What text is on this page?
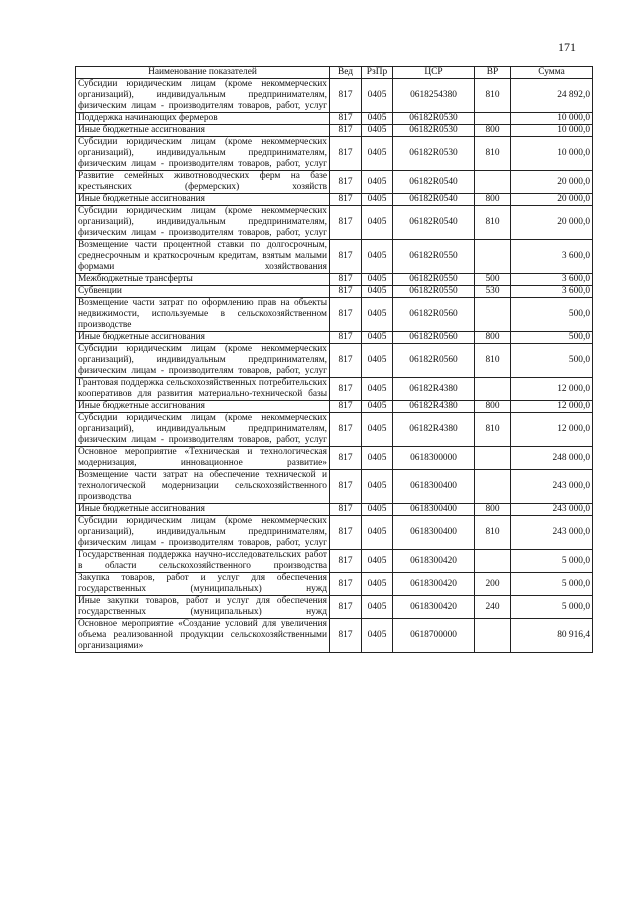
171
Наименование показателей	Вед	РзПр	ЦСР	ВР	Сумма
Субсидии юридическим лицам (кроме некоммерческих организаций), индивидуальным предпринимателям, физическим лицам - производителям товаров, работ, услуг	817	0405	0618254380	810	24 892,0
Поддержка начинающих фермеров	817	0405	06182R0530		10 000,0
Иные бюджетные ассигнования	817	0405	06182R0530	800	10 000,0
Субсидии юридическим лицам (кроме некоммерческих организаций), индивидуальным предпринимателям, физическим лицам - производителям товаров, работ, услуг	817	0405	06182R0530	810	10 000,0
Развитие семейных животноводческих ферм на базе крестьянских (фермерских) хозяйств	817	0405	06182R0540		20 000,0
Иные бюджетные ассигнования	817	0405	06182R0540	800	20 000,0
Субсидии юридическим лицам (кроме некоммерческих организаций), индивидуальным предпринимателям, физическим лицам - производителям товаров, работ, услуг	817	0405	06182R0540	810	20 000,0
Возмещение части процентной ставки по долгосрочным, среднесрочным и краткосрочным кредитам, взятым малыми формами хозяйствования	817	0405	06182R0550		3 600,0
Межбюджетные трансферты	817	0405	06182R0550	500	3 600,0
Субвенции	817	0405	06182R0550	530	3 600,0
Возмещение части затрат по оформлению прав на объекты недвижимости, используемые в сельскохозяйственном производстве	817	0405	06182R0560		500,0
Иные бюджетные ассигнования	817	0405	06182R0560	800	500,0
Субсидии юридическим лицам (кроме некоммерческих организаций), индивидуальным предпринимателям, физическим лицам - производителям товаров, работ, услуг	817	0405	06182R0560	810	500,0
Грантовая поддержка сельскохозяйственных потребительских кооперативов для развития материально-технической базы	817	0405	06182R4380		12 000,0
Иные бюджетные ассигнования	817	0405	06182R4380	800	12 000,0
Субсидии юридическим лицам (кроме некоммерческих организаций), индивидуальным предпринимателям, физическим лицам - производителям товаров, работ, услуг	817	0405	06182R4380	810	12 000,0
Основное мероприятие «Техническая и технологическая модернизация, инновационное развитие»	817	0405	0618300000		248 000,0
Возмещение части затрат на обеспечение технической и технологической модернизации сельскохозяйственного производства	817	0405	0618300400		243 000,0
Иные бюджетные ассигнования	817	0405	0618300400	800	243 000,0
Субсидии юридическим лицам (кроме некоммерческих организаций), индивидуальным предпринимателям, физическим лицам - производителям товаров, работ, услуг	817	0405	0618300400	810	243 000,0
Государственная поддержка научно-исследовательских работ в области сельскохозяйственного производства	817	0405	0618300420		5 000,0
Закупка товаров, работ и услуг для обеспечения государственных (муниципальных) нужд	817	0405	0618300420	200	5 000,0
Иные закупки товаров, работ и услуг для обеспечения государственных (муниципальных) нужд	817	0405	0618300420	240	5 000,0
Основное мероприятие «Создание условий для увеличения объема реализованной продукции сельскохозяйственными организациями»	817	0405	0618700000		80 916,4
